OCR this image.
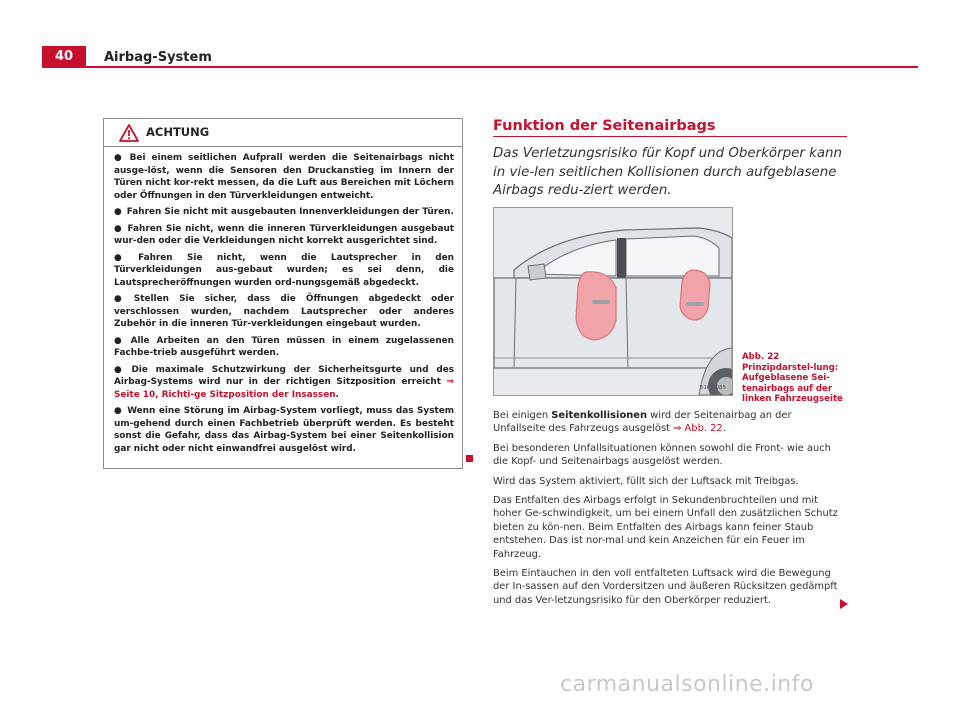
40	Airbag-System
ACHTUNG

● Bei einem seitlichen Aufprall werden die Seitenairbags nicht ausge-löst, wenn die Sensoren den Druckanstieg im Innern der Türen nicht kor-rekt messen, da die Luft aus Bereichen mit Löchern oder Öffnungen in den Türverkleidungen entweicht.

● Fahren Sie nicht mit ausgebauten Innenverkleidungen der Türen.

● Fahren Sie nicht, wenn die inneren Türverkleidungen ausgebaut wur-den oder die Verkleidungen nicht korrekt ausgerichtet sind.

● Fahren Sie nicht, wenn die Lautsprecher in den Türverkleidungen aus-gebaut wurden; es sei denn, die Lautsprecheröffnungen wurden ord-nungsgemäß abgedeckt.

● Stellen Sie sicher, dass die Öffnungen abgedeckt oder verschlossen wurden, nachdem Lautsprecher oder anderes Zubehör in die inneren Tür-verkleidungen eingebaut wurden.

● Alle Arbeiten an den Türen müssen in einem zugelassenen Fachbe-trieb ausgeführt werden.

● Die maximale Schutzwirkung der Sicherheitsgurte und des Airbag-Systems wird nur in der richtigen Sitzposition erreicht ⇒ Seite 10, Richti-ge Sitzposition der Insassen.

● Wenn eine Störung im Airbag-System vorliegt, muss das System um-gehend durch einen Fachbetrieb überprüft werden. Es besteht sonst die Gefahr, dass das Airbag-System bei einer Seitenkollision gar nicht oder nicht einwandfrei ausgelöst wird.

Funktion der Seitenairbags
Das Verletzungsrisiko für Kopf und Oberkörper kann in vie-len seitlichen Kollisionen durch aufgeblasene Airbags redu-ziert werden.
B1P-0085
Abb. 22 Prinzipdarstel-lung: Aufgeblasene Sei-tenairbags auf der linken Fahrzeugseite

Bei einigen Seitenkollisionen wird der Seitenairbag an der Unfallseite des Fahrzeugs ausgelöst ⇒ Abb. 22.

Bei besonderen Unfallsituationen können sowohl die Front- wie auch die Kopf- und Seitenairbags ausgelöst werden.

Wird das System aktiviert, füllt sich der Luftsack mit Treibgas.

Das Entfalten des Airbags erfolgt in Sekundenbruchteilen und mit hoher Ge-schwindigkeit, um bei einem Unfall den zusätzlichen Schutz bieten zu kön-nen. Beim Entfalten des Airbags kann feiner Staub entstehen. Das ist nor-mal und kein Anzeichen für ein Feuer im Fahrzeug.

Beim Eintauchen in den voll entfalteten Luftsack wird die Bewegung der In-sassen auf den Vordersitzen und äußeren Rücksitzen gedämpft und das Ver-letzungsrisiko für den Oberkörper reduziert.

carmanualsonline.info
